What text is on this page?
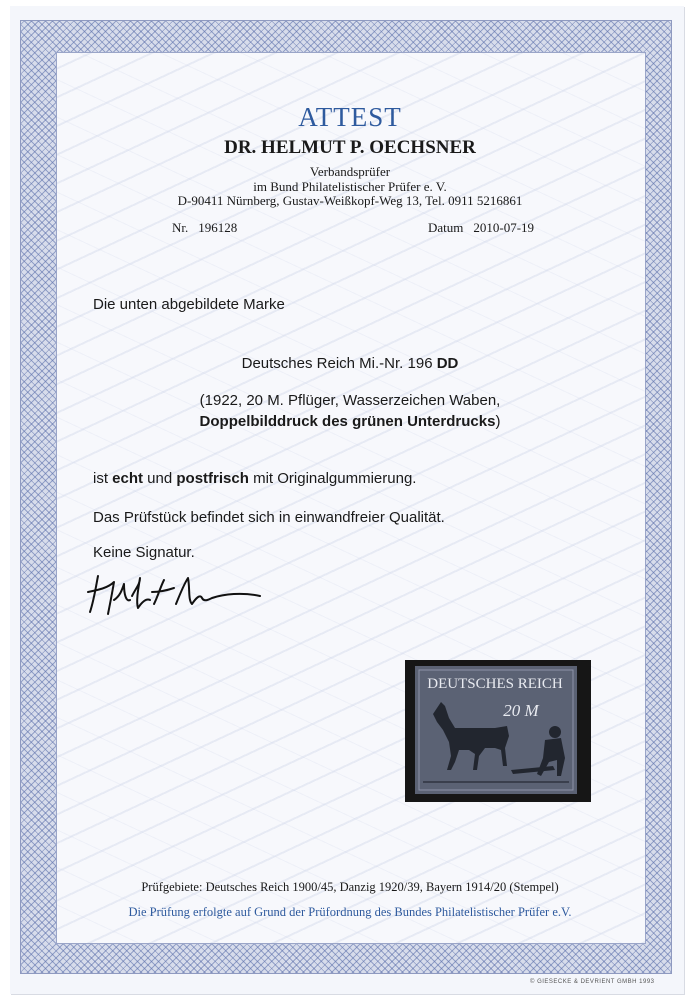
ATTEST
DR. HELMUT P. OECHSNER
Verbandsprüfer
im Bund Philatelistischer Prüfer e. V.
D-90411 Nürnberg, Gustav-Weißkopf-Weg 13, Tel. 0911 5216861
Nr. 196128	Datum 2010-07-19
Die unten abgebildete Marke
Deutsches Reich Mi.-Nr. 196 DD
(1922, 20 M. Pflüger, Wasserzeichen Waben,
Doppelbilddruck des grünen Unterdrucks)
ist echt und postfrisch mit Originalgummierung.
Das Prüfstück befindet sich in einwandfreier Qualität.
Keine Signatur.
DEUTSCHES REICH
20 M
Prüfgebiete: Deutsches Reich 1900/45, Danzig 1920/39, Bayern 1914/20 (Stempel)
Die Prüfung erfolgte auf Grund der Prüfordnung des Bundes Philatelistischer Prüfer e.V.
© GIESECKE & DEVRIENT GMBH 1993
